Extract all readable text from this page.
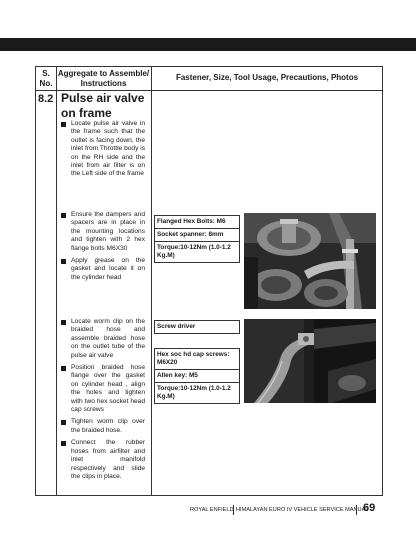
S.
No.
Aggregate to Assemble/
Instructions
Fastener, Size, Tool Usage, Precautions, Photos
8.2 Pulse air valve on frame
Locate pulse air valve in the frame such that the outlet is facing down, the inlet from Throttle body is on the RH side and the inlet from air filter is on the Left side of the frame
Ensure the dampers and spacers are in place in the mounting locations and tighten with 2 hex flange bolts M6X30
Apply grease on the gasket and locate it on the cylinder head
Locate worm clip on the braided hose and assemble braided hose on the outlet tube of the pulse air valve
Position braided hose flange over the gasket on cylinder head , align the holes and tighten with two hex socket head cap screws
Tighten worm clip over the braided hose.
Connect the rubber hoses from airfilter and inlet manifold respectively and slide the clips in place.
Flanged Hex Bolts: M6
Socket spanner: 8mm
Torque:10-12Nm (1.0-1.2 Kg.M)
Screw driver
Hex soc hd cap screws: M6X20
Allen key: M5
Torque:10-12Nm (1.0-1.2 Kg.M)
ROYAL ENFIELD HIMALAYAN EURO IV VEHICLE SERVICE MANUAL
69
